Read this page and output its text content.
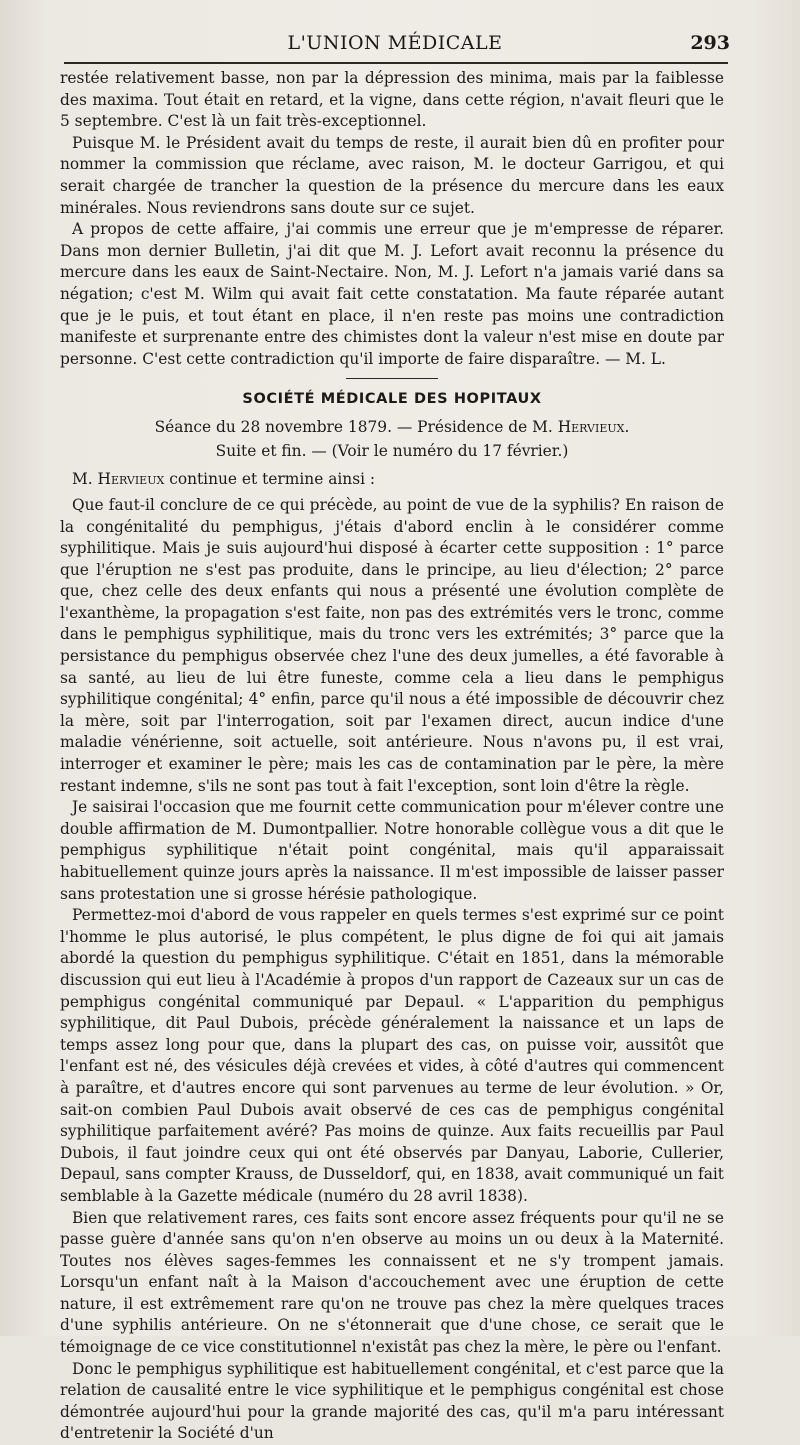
L'UNION MÉDICALE	293

restée relativement basse, non par la dépression des minima, mais par la faiblesse des maxima. Tout était en retard, et la vigne, dans cette région, n'avait fleuri que le 5 septembre. C'est là un fait très-exceptionnel.

Puisque M. le Président avait du temps de reste, il aurait bien dû en profiter pour nommer la commission que réclame, avec raison, M. le docteur Garrigou, et qui serait chargée de trancher la question de la présence du mercure dans les eaux minérales. Nous reviendrons sans doute sur ce sujet.

A propos de cette affaire, j'ai commis une erreur que je m'empresse de réparer. Dans mon dernier Bulletin, j'ai dit que M. J. Lefort avait reconnu la présence du mercure dans les eaux de Saint-Nectaire. Non, M. J. Lefort n'a jamais varié dans sa négation; c'est M. Wilm qui avait fait cette constatation. Ma faute réparée autant que je le puis, et tout étant en place, il n'en reste pas moins une contradiction manifeste et surprenante entre des chimistes dont la valeur n'est mise en doute par personne. C'est cette contradiction qu'il importe de faire disparaître. — M. L.

SOCIÉTÉ MÉDICALE DES HOPITAUX
Séance du 28 novembre 1879. — Présidence de M. Hervieux.
Suite et fin. — (Voir le numéro du 17 février.)

M. Hervieux continue et termine ainsi :

Que faut-il conclure de ce qui précède, au point de vue de la syphilis? En raison de la congénitalité du pemphigus, j'étais d'abord enclin à le considérer comme syphilitique. Mais je suis aujourd'hui disposé à écarter cette supposition : 1° parce que l'éruption ne s'est pas produite, dans le principe, au lieu d'élection; 2° parce que, chez celle des deux enfants qui nous a présenté une évolution complète de l'exanthème, la propagation s'est faite, non pas des extrémités vers le tronc, comme dans le pemphigus syphilitique, mais du tronc vers les extrémités; 3° parce que la persistance du pemphigus observée chez l'une des deux jumelles, a été favorable à sa santé, au lieu de lui être funeste, comme cela a lieu dans le pemphigus syphilitique congénital; 4° enfin, parce qu'il nous a été impossible de découvrir chez la mère, soit par l'interrogation, soit par l'examen direct, aucun indice d'une maladie vénérienne, soit actuelle, soit antérieure. Nous n'avons pu, il est vrai, interroger et examiner le père; mais les cas de contamination par le père, la mère restant indemne, s'ils ne sont pas tout à fait l'exception, sont loin d'être la règle.

Je saisirai l'occasion que me fournit cette communication pour m'élever contre une double affirmation de M. Dumontpallier. Notre honorable collègue vous a dit que le pemphigus syphilitique n'était point congénital, mais qu'il apparaissait habituellement quinze jours après la naissance. Il m'est impossible de laisser passer sans protestation une si grosse hérésie pathologique.

Permettez-moi d'abord de vous rappeler en quels termes s'est exprimé sur ce point l'homme le plus autorisé, le plus compétent, le plus digne de foi qui ait jamais abordé la question du pemphigus syphilitique. C'était en 1851, dans la mémorable discussion qui eut lieu à l'Académie à propos d'un rapport de Cazeaux sur un cas de pemphigus congénital communiqué par Depaul. « L'apparition du pemphigus syphilitique, dit Paul Dubois, précède généralement la naissance et un laps de temps assez long pour que, dans la plupart des cas, on puisse voir, aussitôt que l'enfant est né, des vésicules déjà crevées et vides, à côté d'autres qui commencent à paraître, et d'autres encore qui sont parvenues au terme de leur évolution. » Or, sait-on combien Paul Dubois avait observé de ces cas de pemphigus congénital syphilitique parfaitement avéré? Pas moins de quinze. Aux faits recueillis par Paul Dubois, il faut joindre ceux qui ont été observés par Danyau, Laborie, Cullerier, Depaul, sans compter Krauss, de Dusseldorf, qui, en 1838, avait communiqué un fait semblable à la Gazette médicale (numéro du 28 avril 1838).

Bien que relativement rares, ces faits sont encore assez fréquents pour qu'il ne se passe guère d'année sans qu'on n'en observe au moins un ou deux à la Maternité. Toutes nos élèves sages-femmes les connaissent et ne s'y trompent jamais. Lorsqu'un enfant naît à la Maison d'accouchement avec une éruption de cette nature, il est extrêmement rare qu'on ne trouve pas chez la mère quelques traces d'une syphilis antérieure. On ne s'étonnerait que d'une chose, ce serait que le témoignage de ce vice constitutionnel n'existât pas chez la mère, le père ou l'enfant.

Donc le pemphigus syphilitique est habituellement congénital, et c'est parce que la relation de causalité entre le vice syphilitique et le pemphigus congénital est chose démontrée aujourd'hui pour la grande majorité des cas, qu'il m'a paru intéressant d'entretenir la Société d'un
